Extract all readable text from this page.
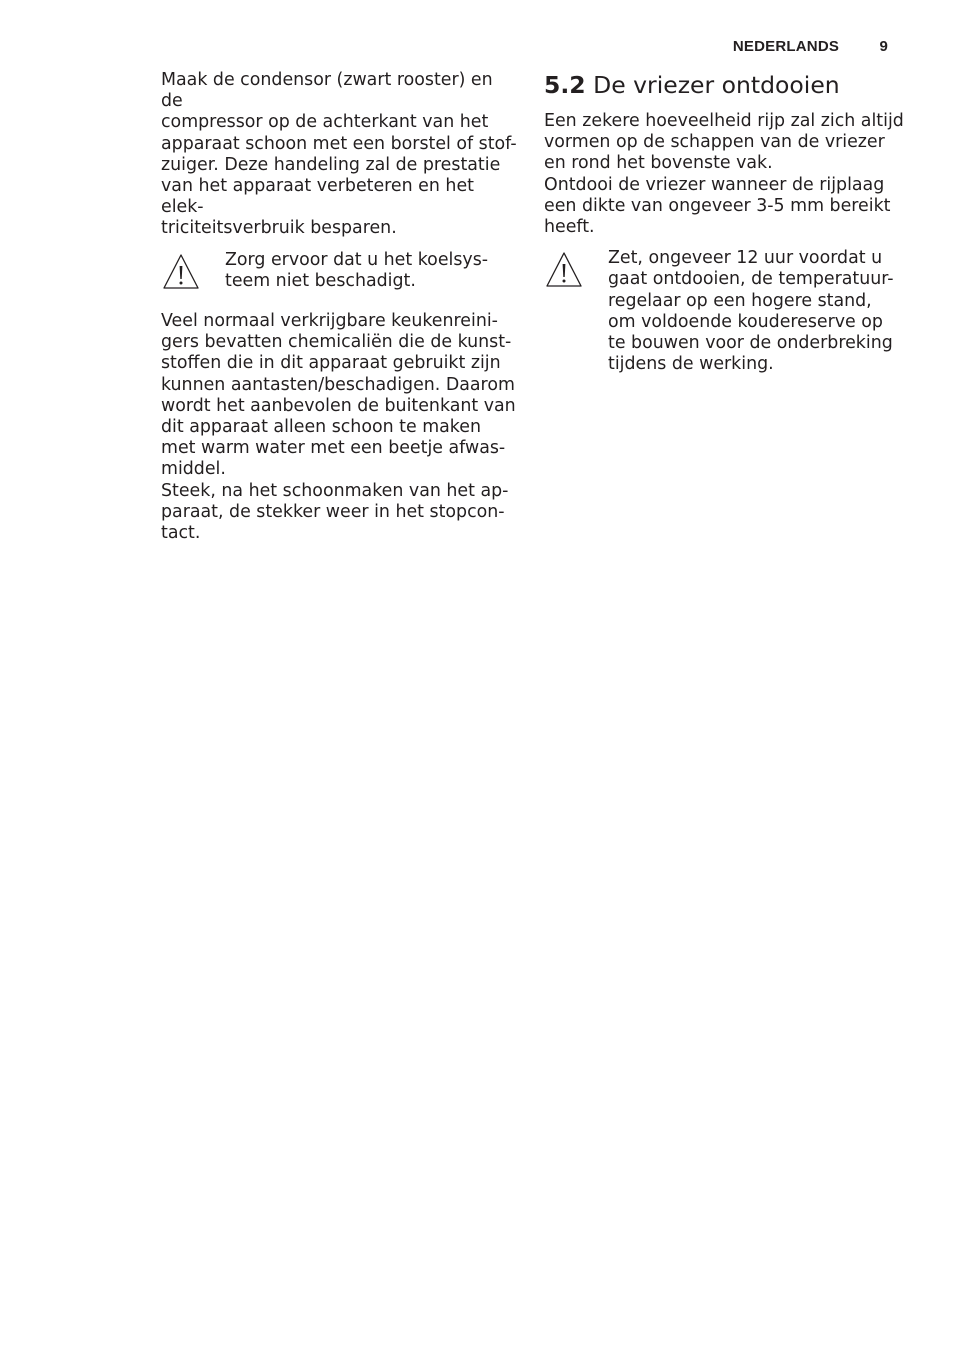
NEDERLANDS	9

Maak de condensor (zwart rooster) en de
compressor op de achterkant van het
apparaat schoon met een borstel of stof-
zuiger. Deze handeling zal de prestatie
van het apparaat verbeteren en het elek-
triciteitsverbruik besparen.

Zorg ervoor dat u het koelsys-
teem niet beschadigt.

Veel normaal verkrijgbare keukenreini-
gers bevatten chemicaliën die de kunst-
stoffen die in dit apparaat gebruikt zijn
kunnen aantasten/beschadigen. Daarom
wordt het aanbevolen de buitenkant van
dit apparaat alleen schoon te maken
met warm water met een beetje afwas-
middel.
Steek, na het schoonmaken van het ap-
paraat, de stekker weer in het stopcon-
tact.

5.2 De vriezer ontdooien

Een zekere hoeveelheid rijp zal zich altijd
vormen op de schappen van de vriezer
en rond het bovenste vak.
Ontdooi de vriezer wanneer de rijplaag
een dikte van ongeveer 3-5 mm bereikt
heeft.

Zet, ongeveer 12 uur voordat u
gaat ontdooien, de temperatuur-
regelaar op een hogere stand,
om voldoende koudereserve op
te bouwen voor de onderbreking
tijdens de werking.
